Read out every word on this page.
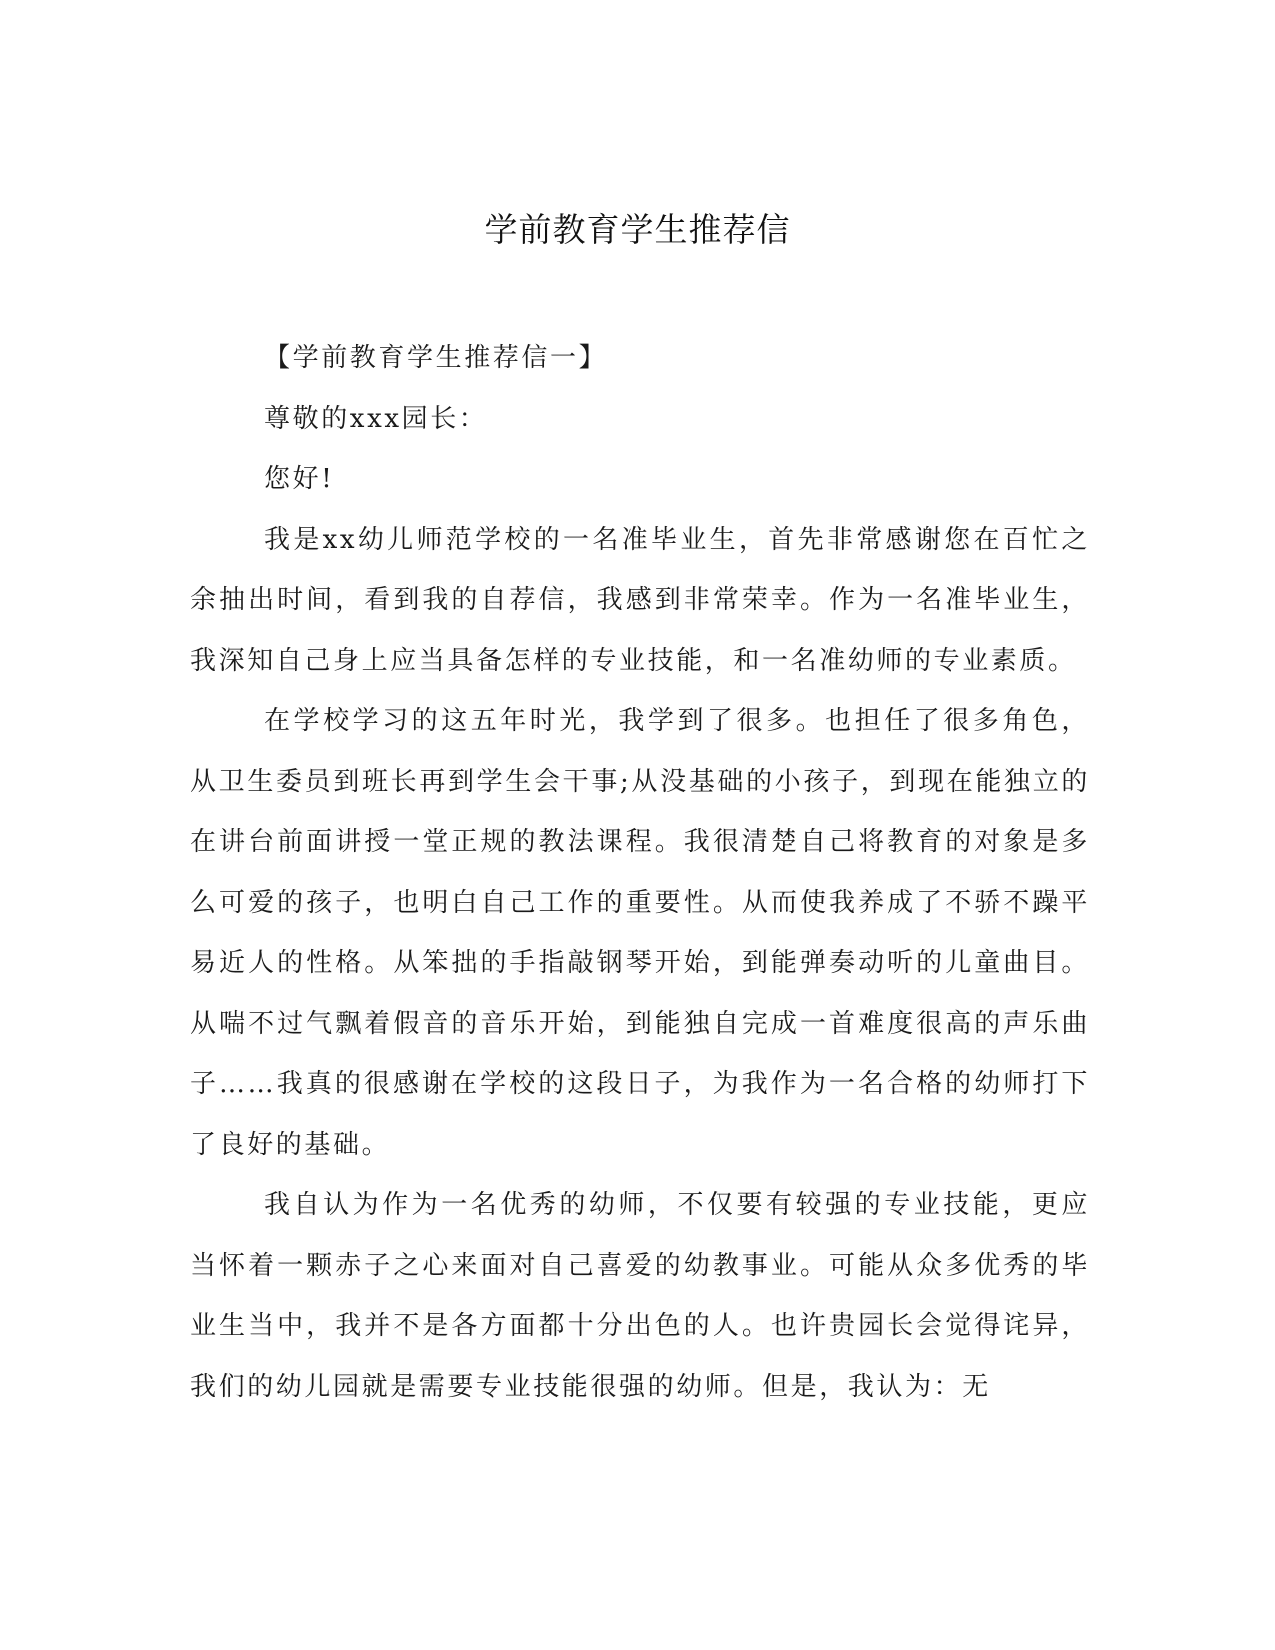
学前教育学生推荐信

【学前教育学生推荐信一】

尊敬的xxx园长：

您好!

我是xx幼儿师范学校的一名准毕业生，首先非常感谢您在百忙之余抽出时间，看到我的自荐信，我感到非常荣幸。作为一名准毕业生，我深知自己身上应当具备怎样的专业技能，和一名准幼师的专业素质。

在学校学习的这五年时光，我学到了很多。也担任了很多角色，从卫生委员到班长再到学生会干事;从没基础的小孩子，到现在能独立的在讲台前面讲授一堂正规的教法课程。我很清楚自己将教育的对象是多么可爱的孩子，也明白自己工作的重要性。从而使我养成了不骄不躁平易近人的性格。从笨拙的手指敲钢琴开始，到能弹奏动听的儿童曲目。从喘不过气飘着假音的音乐开始，到能独自完成一首难度很高的声乐曲子……我真的很感谢在学校的这段日子，为我作为一名合格的幼师打下了良好的基础。

我自认为作为一名优秀的幼师，不仅要有较强的专业技能，更应当怀着一颗赤子之心来面对自己喜爱的幼教事业。可能从众多优秀的毕业生当中，我并不是各方面都十分出色的人。也许贵园长会觉得诧异，我们的幼儿园就是需要专业技能很强的幼师。但是，我认为：无
